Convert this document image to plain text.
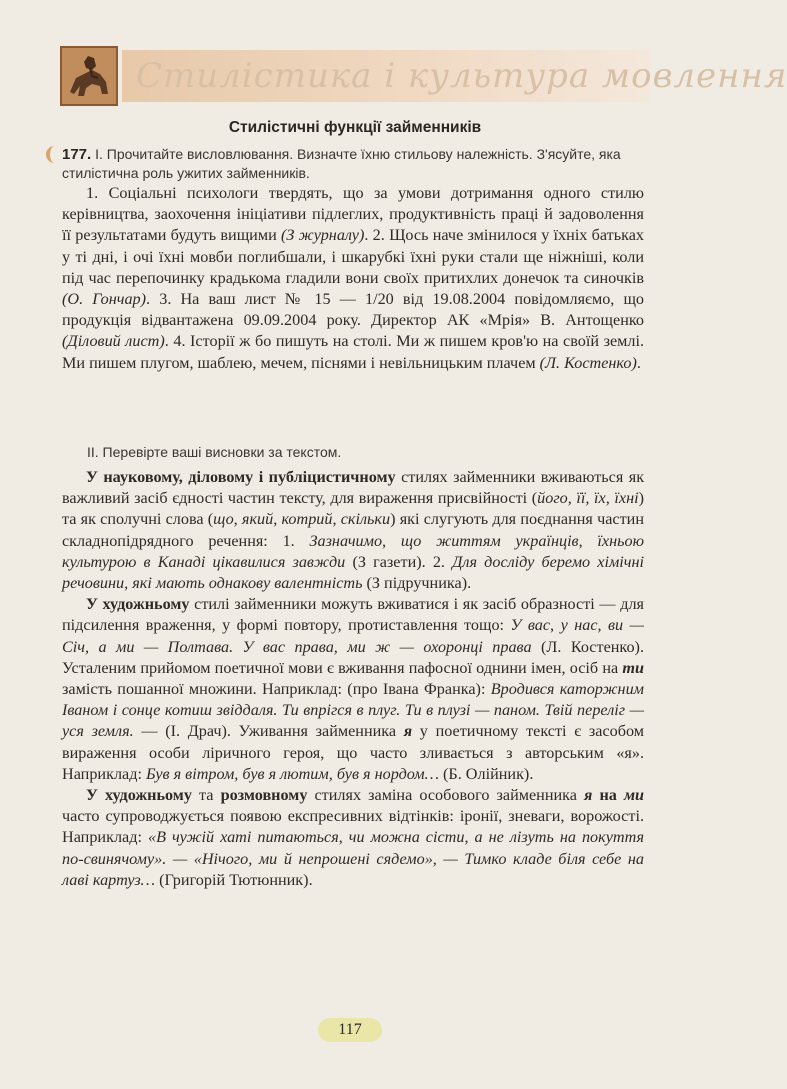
Стилістика і культура мовлення
Стилістичні функції займенників
177. І. Прочитайте висловлювання. Визначте їхню стильову належність. З'ясуйте, яка стилістична роль ужитих займенників.

1. Соціальні психологи твердять, що за умови дотримання одного стилю керівництва, заохочення ініціативи підлеглих, продуктивність праці й задоволення її результатами будуть вищими (З журналу). 2. Щось наче змінилося у їхніх батьках у ті дні, і очі їхні мовби поглибшали, і шкарубкі їхні руки стали ще ніжніші, коли під час перепочинку крадькома гладили вони своїх притихлих донечок та синочків (О. Гончар). 3. На ваш лист № 15 — 1/20 від 19.08.2004 повідомляємо, що продукція відвантажена 09.09.2004 року. Директор АК «Мрія» В. Антощенко (Діловий лист). 4. Історії ж бо пишуть на столі. Ми ж пишем кров'ю на своїй землі. Ми пишем плугом, шаблею, мечем, піснями і невільницьким плачем (Л. Костенко).

ІІ. Перевірте ваші висновки за текстом.

У науковому, діловому і публіцистичному стилях займенники вживаються як важливий засіб єдності частин тексту, для вираження присвійності (його, її, їх, їхні) та як сполучні слова (що, який, котрий, скільки) які слугують для поєднання частин складнопідрядного речення: 1. Зазначимо, що життям українців, їхньою культурою в Канаді цікавилися завжди (З газети). 2. Для досліду беремо хімічні речовини, які мають однакову валентність (З підручника).

У художньому стилі займенники можуть вживатися і як засіб образності — для підсилення враження, у формі повтору, протиставлення тощо: У вас, у нас, ви — Січ, а ми — Полтава. У вас права, ми ж — охоронці права (Л. Костенко). Усталеним прийомом поетичної мови є вживання пафосної однини імен, осіб на ти замість пошанної множини. Наприклад: (про Івана Франка): Вродився каторжним Іваном і сонце котиш звіддаля. Ти впрігся в плуг. Ти в плузі — паном. Твій переліг — уся земля. — (І. Драч). Уживання займенника я у поетичному тексті є засобом вираження особи ліричного героя, що часто зливається з авторським «я». Наприклад: Був я вітром, був я лютим, був я нордом… (Б. Олійник).

У художньому та розмовному стилях заміна особового займенника я на ми часто супроводжується появою експресивних відтінків: іронії, зневаги, ворожості. Наприклад: «В чужій хаті питаються, чи можна сісти, а не лізуть на покуття по-свинячому». — «Нічого, ми й непрошені сядемо», — Тимко кладе біля себе на лаві картуз… (Григорій Тютюнник).

117
